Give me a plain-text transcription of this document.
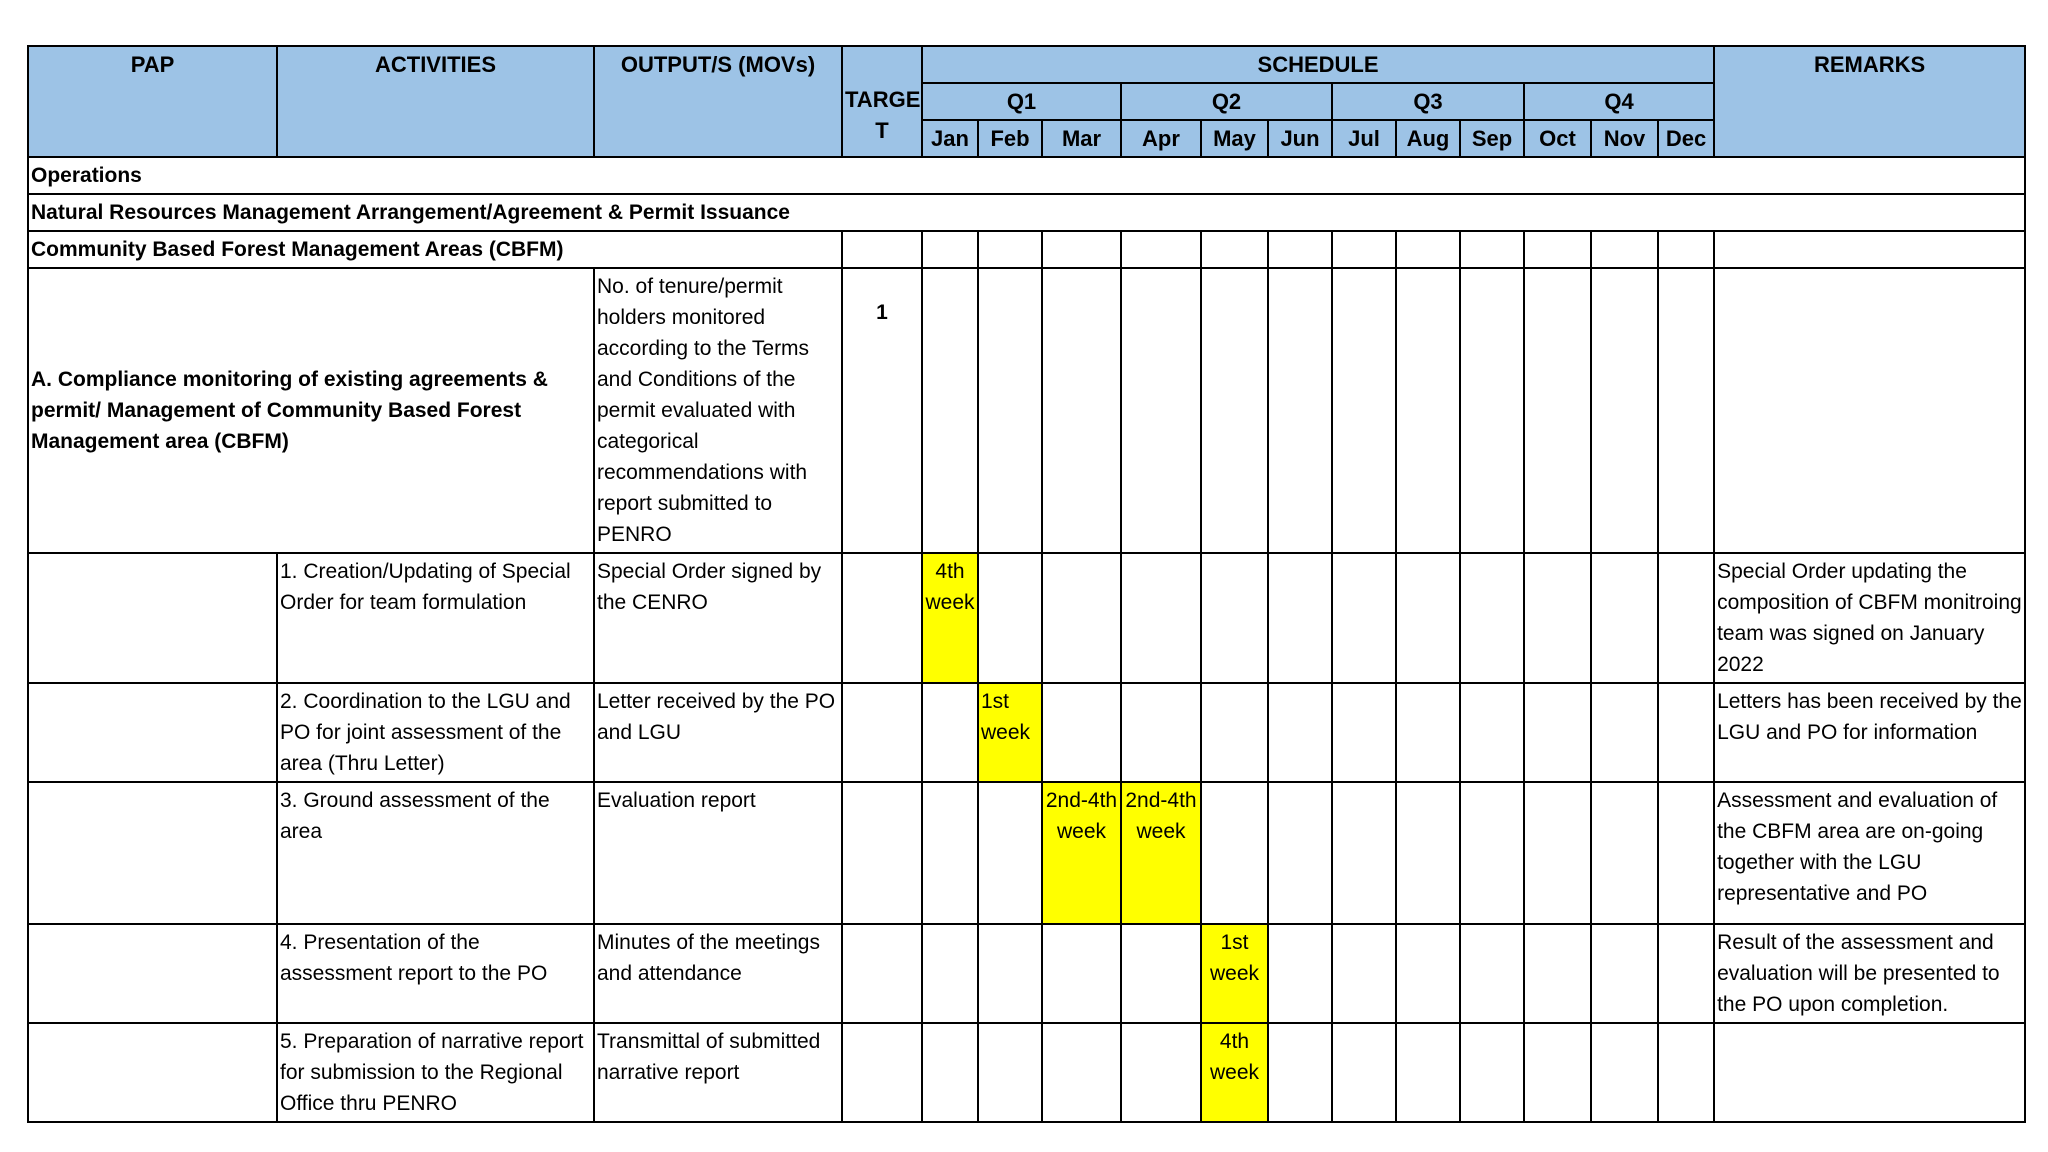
PAP	ACTIVITIES	OUTPUT/S (MOVs)	TARGE T	SCHEDULE												REMARKS	
				Q1			Q2			Q3			Q4				
				Jan	Feb	Mar	Apr	May	Jun	Jul	Aug	Sep	Oct	Nov	Dec		
Operations																	
Natural Resources Management Arrangement/Agreement & Permit Issuance																	
Community Based Forest Management Areas (CBFM)																	
A. Compliance monitoring of existing agreements & permit/ Management of Community Based Forest Management area (CBFM)		No. of tenure/permit holders monitored according to the Terms and Conditions of the permit evaluated with categorical recommendations with report submitted to PENRO	1														
	1. Creation/Updating of Special Order for team formulation	Special Order signed by the CENRO		4th week												Special Order updating the composition of CBFM monitroing team was signed on January 2022	
	2. Coordination to the LGU and PO for joint assessment of the area (Thru Letter)	Letter received by the PO and LGU			1st week											Letters has been received by the LGU and PO for information	
	3. Ground assessment of the area	Evaluation report				2nd-4th week	2nd-4th week									Assessment and evaluation of the CBFM area are on-going together with the LGU representative and PO	
	4. Presentation of the assessment report to the PO	Minutes of the meetings and attendance						1st week								Result of the assessment and evaluation will be presented to the PO upon completion.	
	5. Preparation of narrative report for submission to the Regional Office thru PENRO	Transmittal of submitted narrative report						4th week									
